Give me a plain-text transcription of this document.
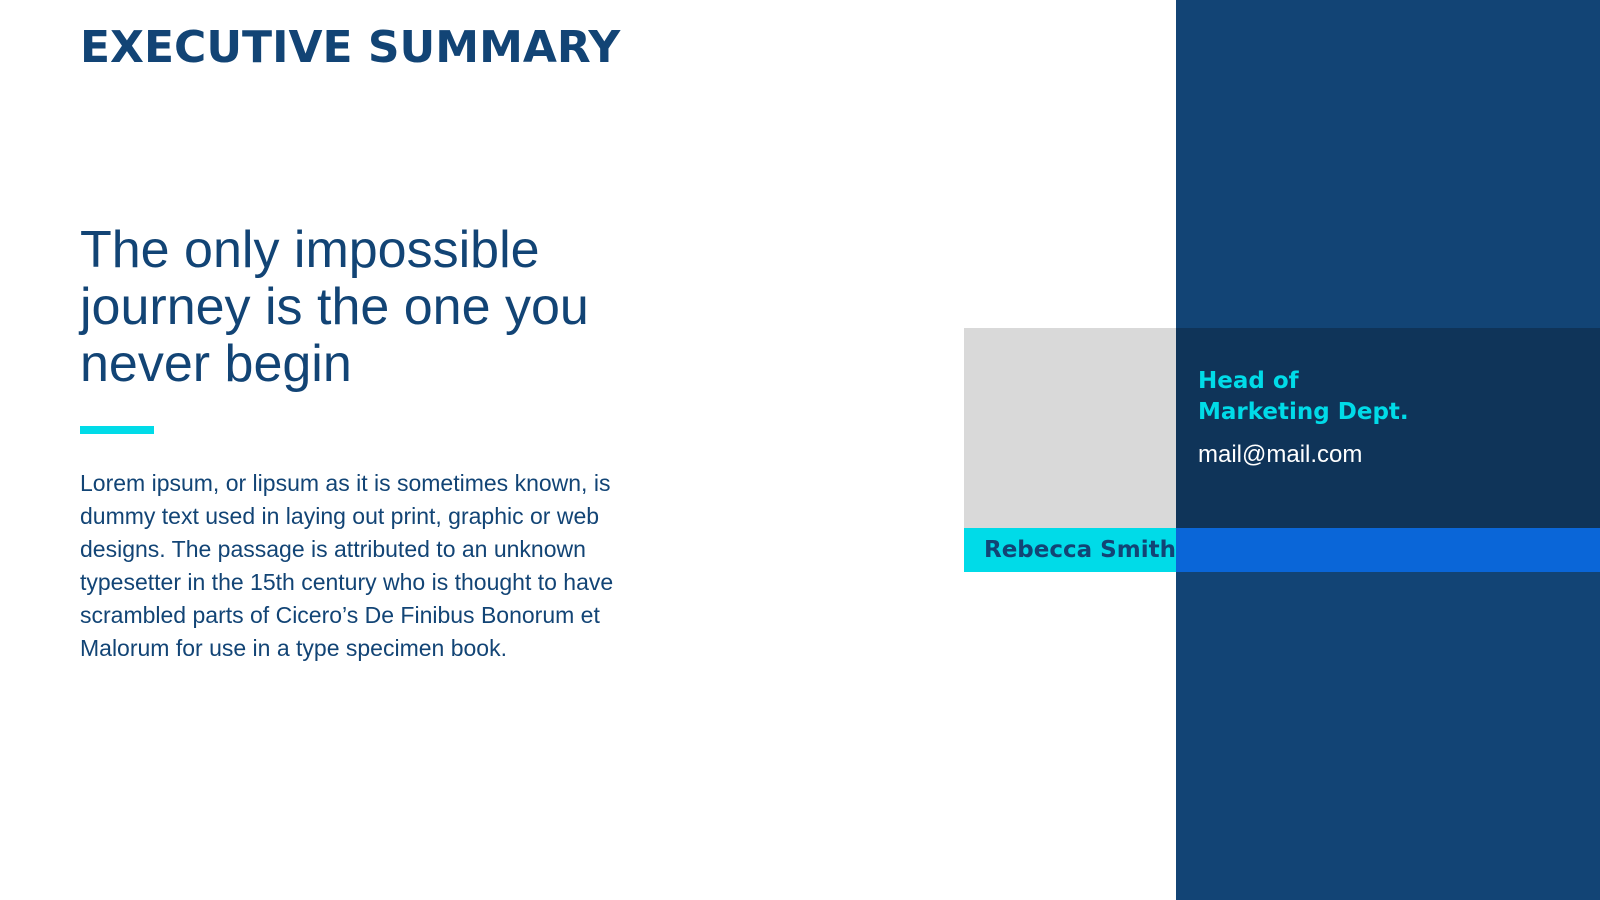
EXECUTIVE SUMMARY

The only impossible
journey is the one you
never begin

Lorem ipsum, or lipsum as it is sometimes known, is dummy text used in laying out print, graphic or web designs. The passage is attributed to an unknown typesetter in the 15th century who is thought to have scrambled parts of Cicero’s De Finibus Bonorum et Malorum for use in a type specimen book.

Head of
Marketing Dept.

mail@mail.com

Rebecca Smith
